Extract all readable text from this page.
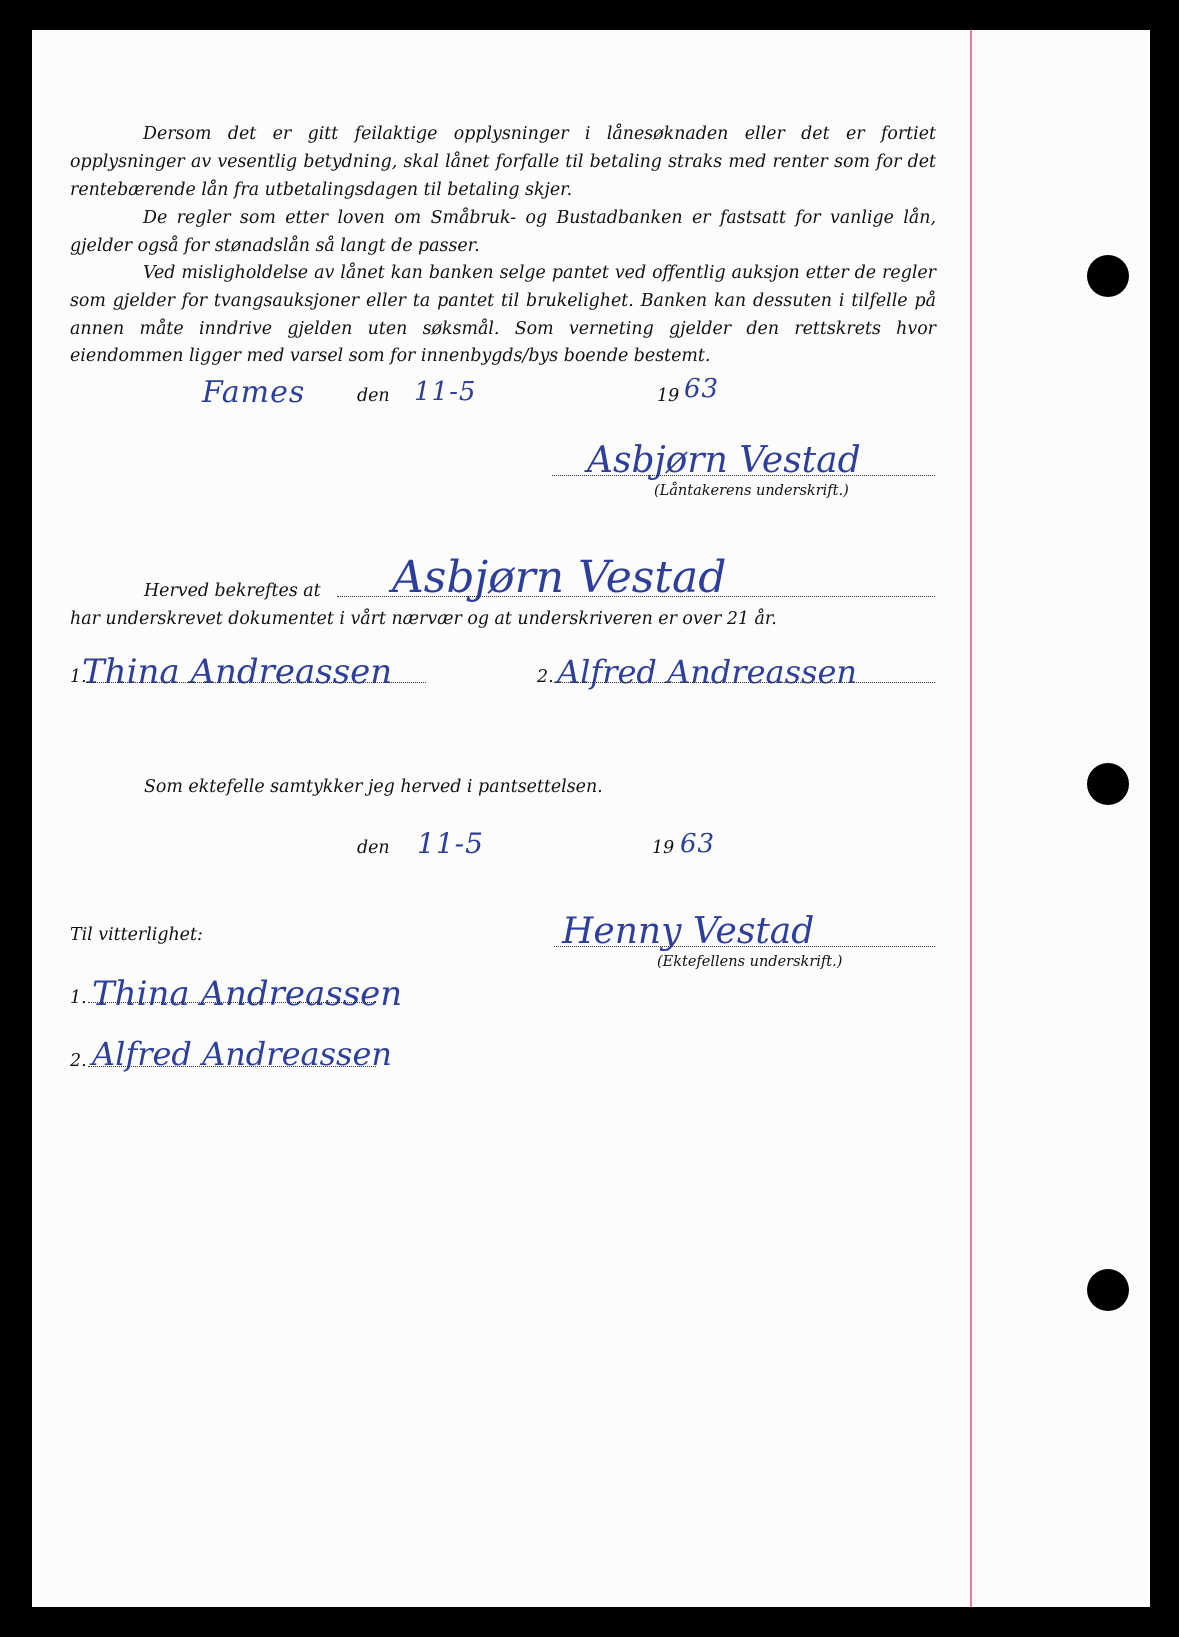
Dersom det er gitt feilaktige opplysninger i lånesøknaden eller det er fortiet opplysninger av vesentlig betydning, skal lånet forfalle til betaling straks med renter som for det rentebærende lån fra utbetalingsdagen til betaling skjer.

De regler som etter loven om Småbruk- og Bustadbanken er fastsatt for vanlige lån, gjelder også for stønadslån så langt de passer.

Ved misligholdelse av lånet kan banken selge pantet ved offentlig auksjon etter de regler som gjelder for tvangsauksjoner eller ta pantet til brukelighet. Banken kan dessuten i tilfelle på annen måte inndrive gjelden uten søksmål. Som verneting gjelder den rettskrets hvor eiendommen ligger med varsel som for innenbygds/bys boende bestemt.

Fames	den 11-5	19 63
Asbjørn Vestad
(Låntakerens underskrift.)
Herved bekreftes at Asbjørn Vestad
har underskrevet dokumentet i vårt nærvær og at underskriveren er over 21 år.
1.
Thina Andreassen	2. Alfred Andreassen
Som ektefelle samtykker jeg herved i pantsettelsen.
den 11-5	19 63
Til vitterlighet:	Henny Vestad
(Ektefellens underskrift.)
1. Thina Andreassen
2. Alfred Andreassen
